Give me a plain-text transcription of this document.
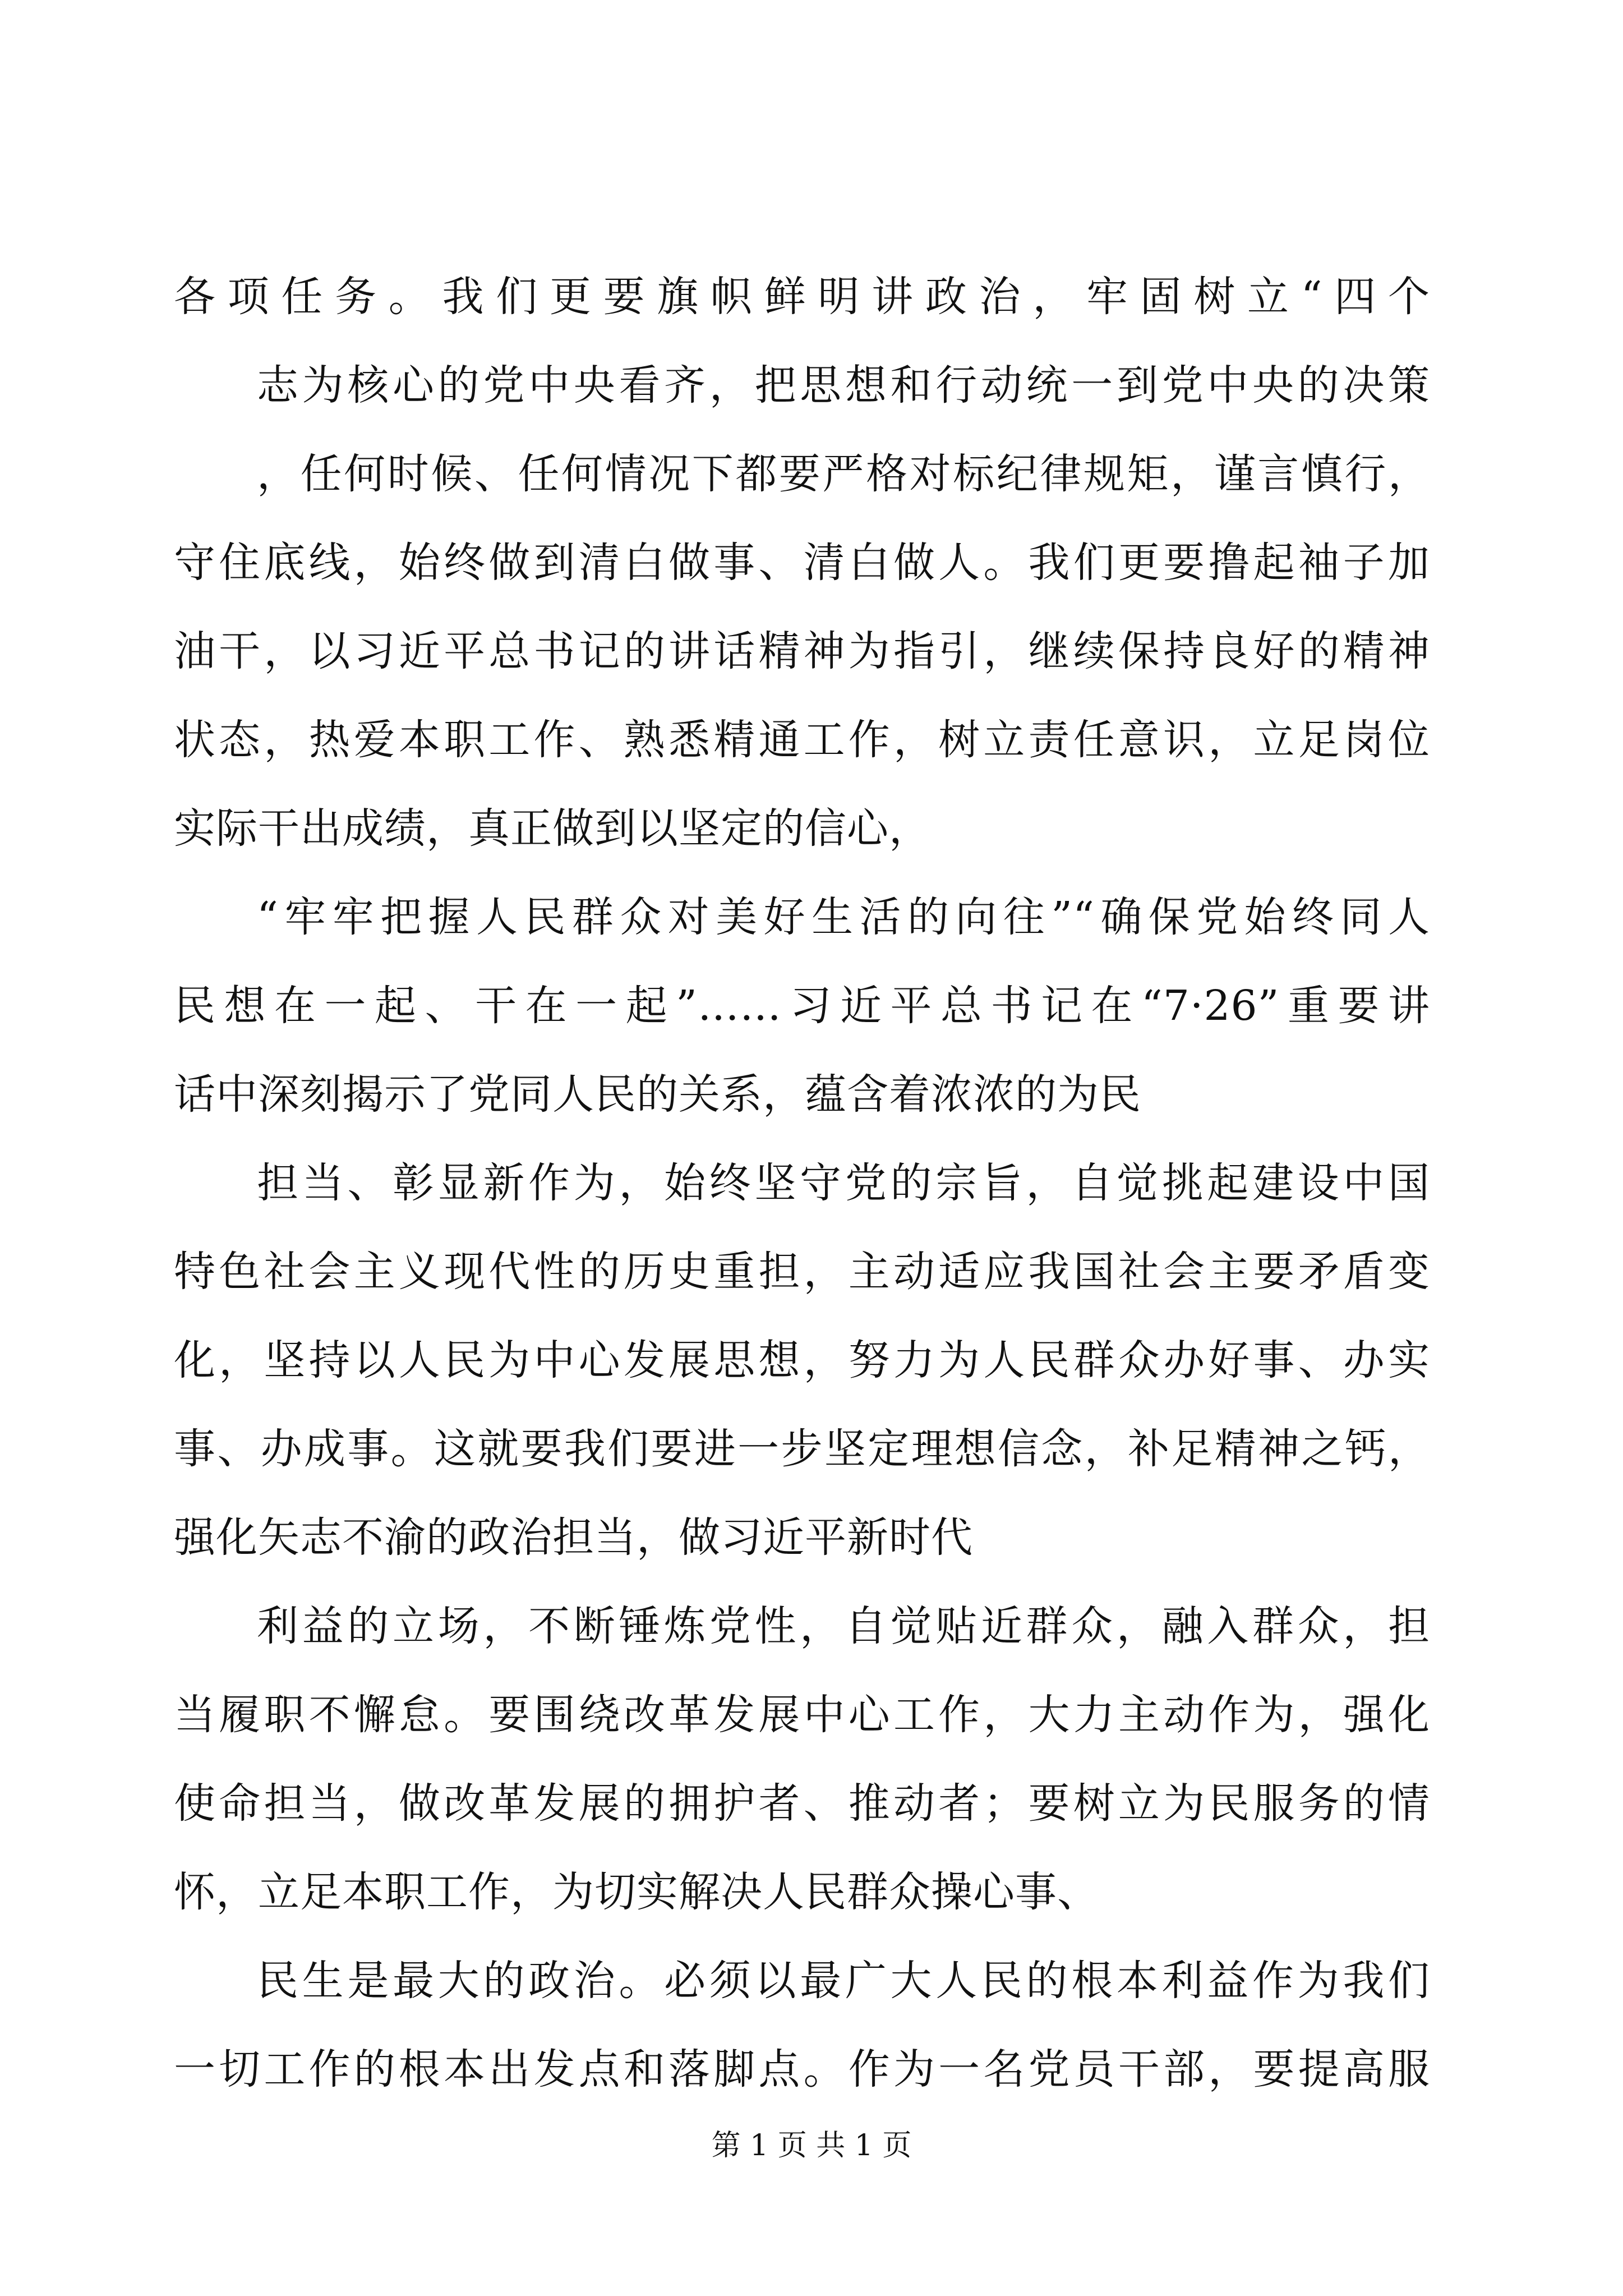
各项任务。我们更要旗帜鲜明讲政治，牢固树立“四个
志为核心的党中央看齐，把思想和行动统一到党中央的决策
，任何时候、任何情况下都要严格对标纪律规矩，谨言慎行，
守住底线，始终做到清白做事、清白做人。我们更要撸起袖子加
油干，以习近平总书记的讲话精神为指引，继续保持良好的精神
状态，热爱本职工作、熟悉精通工作，树立责任意识，立足岗位
实际干出成绩，真正做到以坚定的信心，
“牢牢把握人民群众对美好生活的向往”“确保党始终同人
民想在一起、干在一起”……习近平总书记在“7·26”重要讲
话中深刻揭示了党同人民的关系，蕴含着浓浓的为民
担当、彰显新作为，始终坚守党的宗旨，自觉挑起建设中国
特色社会主义现代性的历史重担，主动适应我国社会主要矛盾变
化，坚持以人民为中心发展思想，努力为人民群众办好事、办实
事、办成事。这就要我们要进一步坚定理想信念，补足精神之钙，
强化矢志不渝的政治担当，做习近平新时代
利益的立场，不断锤炼党性，自觉贴近群众，融入群众，担
当履职不懈怠。要围绕改革发展中心工作，大力主动作为，强化
使命担当，做改革发展的拥护者、推动者；要树立为民服务的情
怀，立足本职工作，为切实解决人民群众操心事、
民生是最大的政治。必须以最广大人民的根本利益作为我们
一切工作的根本出发点和落脚点。作为一名党员干部，要提高服
第 1 页 共 1 页
